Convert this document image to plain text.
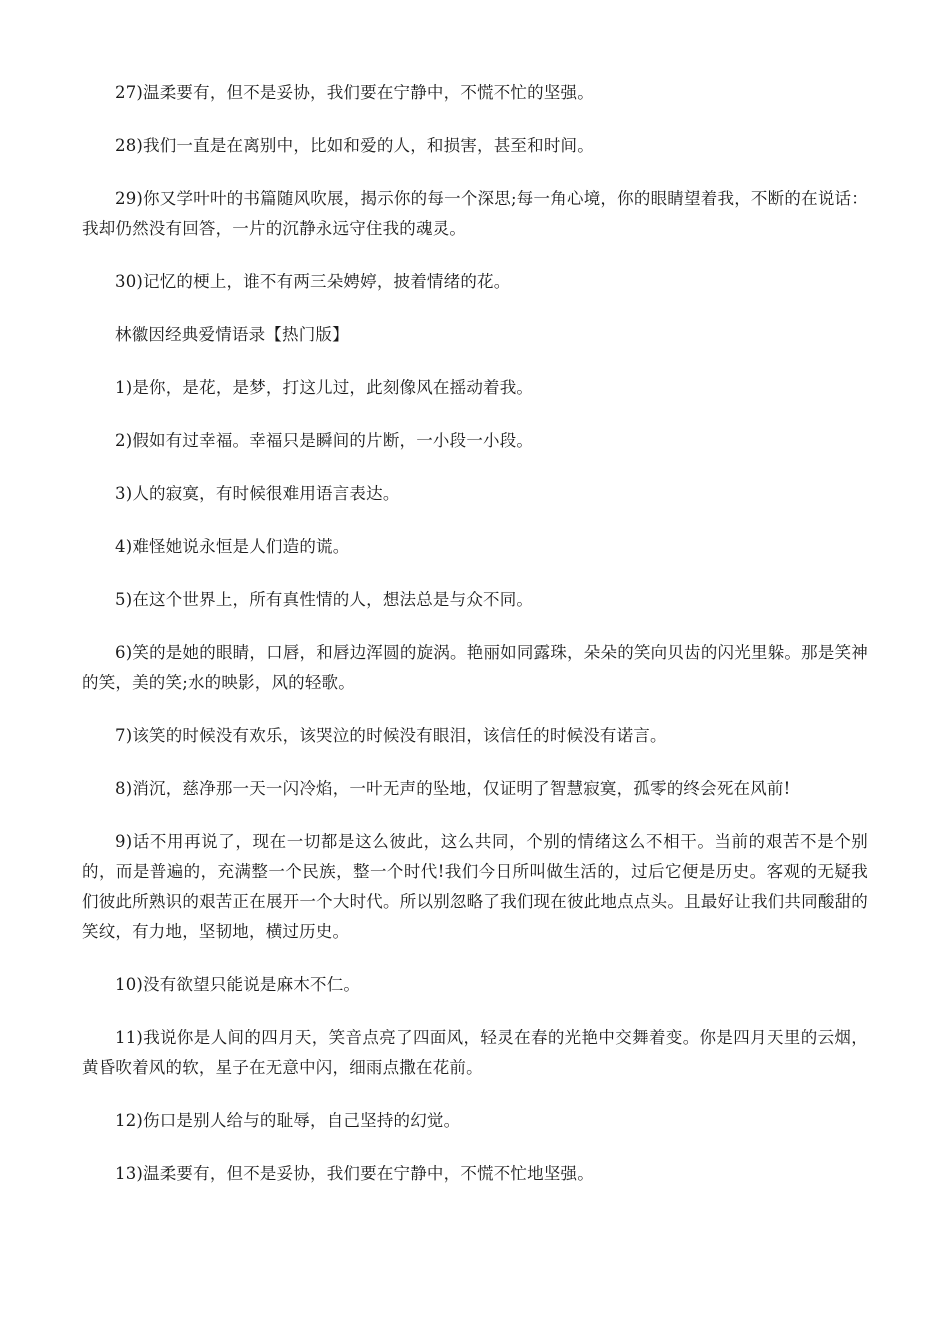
27)温柔要有，但不是妥协，我们要在宁静中，不慌不忙的坚强。

28)我们一直是在离别中，比如和爱的人，和损害，甚至和时间。

29)你又学叶叶的书篇随风吹展，揭示你的每一个深思;每一角心境，你的眼睛望着我，不断的在说话：我却仍然没有回答，一片的沉静永远守住我的魂灵。

30)记忆的梗上，谁不有两三朵娉婷，披着情绪的花。

林徽因经典爱情语录【热门版】

1)是你，是花，是梦，打这儿过，此刻像风在摇动着我。

2)假如有过幸福。幸福只是瞬间的片断，一小段一小段。

3)人的寂寞，有时候很难用语言表达。

4)难怪她说永恒是人们造的谎。

5)在这个世界上，所有真性情的人，想法总是与众不同。

6)笑的是她的眼睛，口唇，和唇边浑圆的旋涡。艳丽如同露珠，朵朵的笑向贝齿的闪光里躲。那是笑神的笑，美的笑;水的映影，风的轻歌。

7)该笑的时候没有欢乐，该哭泣的时候没有眼泪，该信任的时候没有诺言。

8)消沉，慈净那一天一闪冷焰，一叶无声的坠地，仅证明了智慧寂寞，孤零的终会死在风前!

9)话不用再说了，现在一切都是这么彼此，这么共同，个别的情绪这么不相干。当前的艰苦不是个别的，而是普遍的，充满整一个民族，整一个时代!我们今日所叫做生活的，过后它便是历史。客观的无疑我们彼此所熟识的艰苦正在展开一个大时代。所以别忽略了我们现在彼此地点点头。且最好让我们共同酸甜的笑纹，有力地，坚韧地，横过历史。

10)没有欲望只能说是麻木不仁。

11)我说你是人间的四月天，笑音点亮了四面风，轻灵在春的光艳中交舞着变。你是四月天里的云烟，黄昏吹着风的软，星子在无意中闪，细雨点撒在花前。

12)伤口是别人给与的耻辱，自己坚持的幻觉。

13)温柔要有，但不是妥协，我们要在宁静中，不慌不忙地坚强。
